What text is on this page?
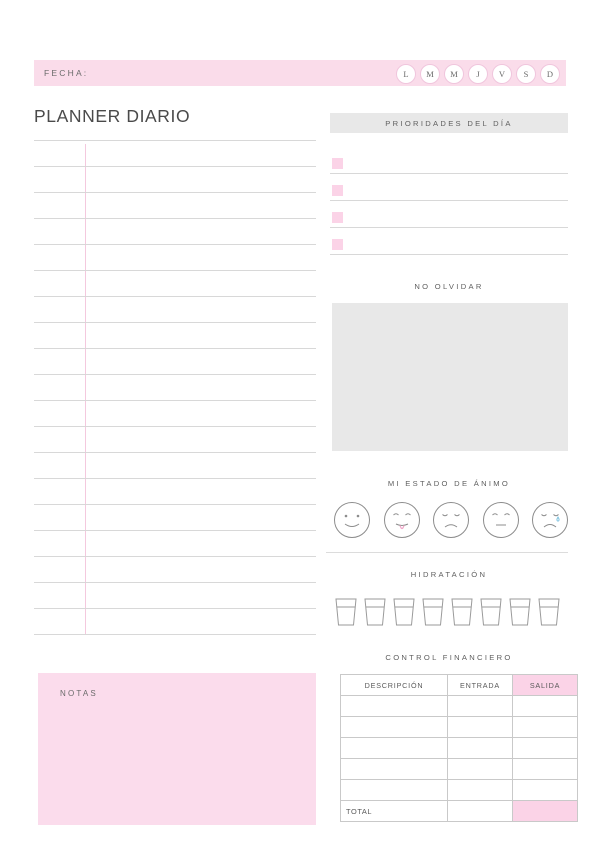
FECHA:	L	M	M	J	V	S	D
PLANNER DIARIO
NOTAS
PRIORIDADES DEL DÍA
NO OLVIDAR
MI ESTADO DE ÁNIMO
HIDRATACIÓN
CONTROL FINANCIERO
DESCRIPCIÓN	ENTRADA	SALIDA

TOTAL		
